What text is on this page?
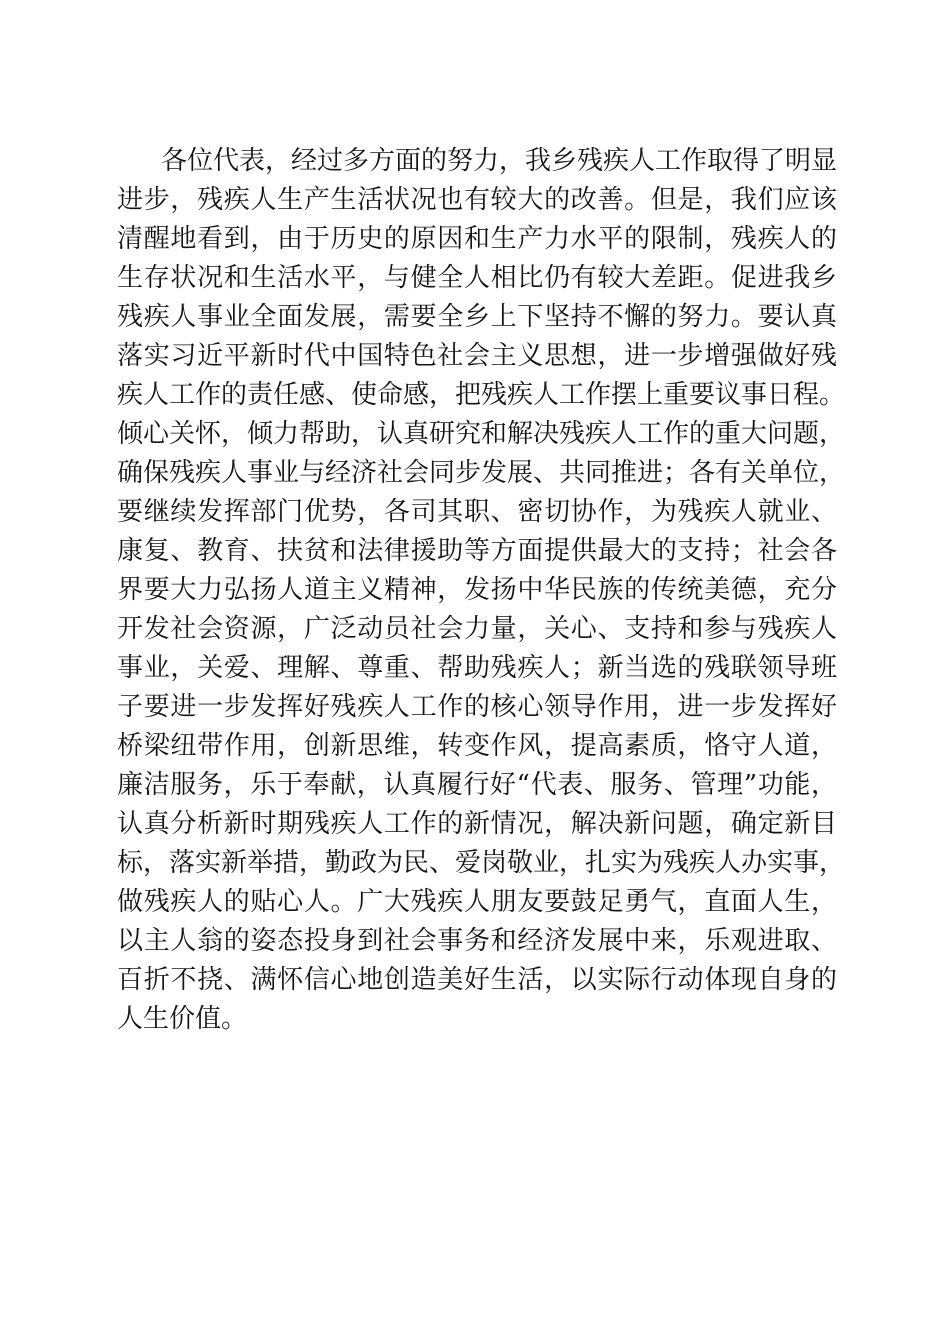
各位代表，经过多方面的努力，我乡残疾人工作取得了明显
进步，残疾人生产生活状况也有较大的改善。但是，我们应该
清醒地看到，由于历史的原因和生产力水平的限制，残疾人的
生存状况和生活水平，与健全人相比仍有较大差距。促进我乡
残疾人事业全面发展，需要全乡上下坚持不懈的努力。要认真
落实习近平新时代中国特色社会主义思想，进一步增强做好残
疾人工作的责任感、使命感，把残疾人工作摆上重要议事日程。
倾心关怀，倾力帮助，认真研究和解决残疾人工作的重大问题，
确保残疾人事业与经济社会同步发展、共同推进；各有关单位，
要继续发挥部门优势，各司其职、密切协作，为残疾人就业、
康复、教育、扶贫和法律援助等方面提供最大的支持；社会各
界要大力弘扬人道主义精神，发扬中华民族的传统美德，充分
开发社会资源，广泛动员社会力量，关心、支持和参与残疾人
事业，关爱、理解、尊重、帮助残疾人；新当选的残联领导班
子要进一步发挥好残疾人工作的核心领导作用，进一步发挥好
桥梁纽带作用，创新思维，转变作风，提高素质，恪守人道，
廉洁服务，乐于奉献，认真履行好“代表、服务、管理”功能，
认真分析新时期残疾人工作的新情况，解决新问题，确定新目
标，落实新举措，勤政为民、爱岗敬业，扎实为残疾人办实事，
做残疾人的贴心人。广大残疾人朋友要鼓足勇气，直面人生，
以主人翁的姿态投身到社会事务和经济发展中来，乐观进取、
百折不挠、满怀信心地创造美好生活，以实际行动体现自身的
人生价值。
